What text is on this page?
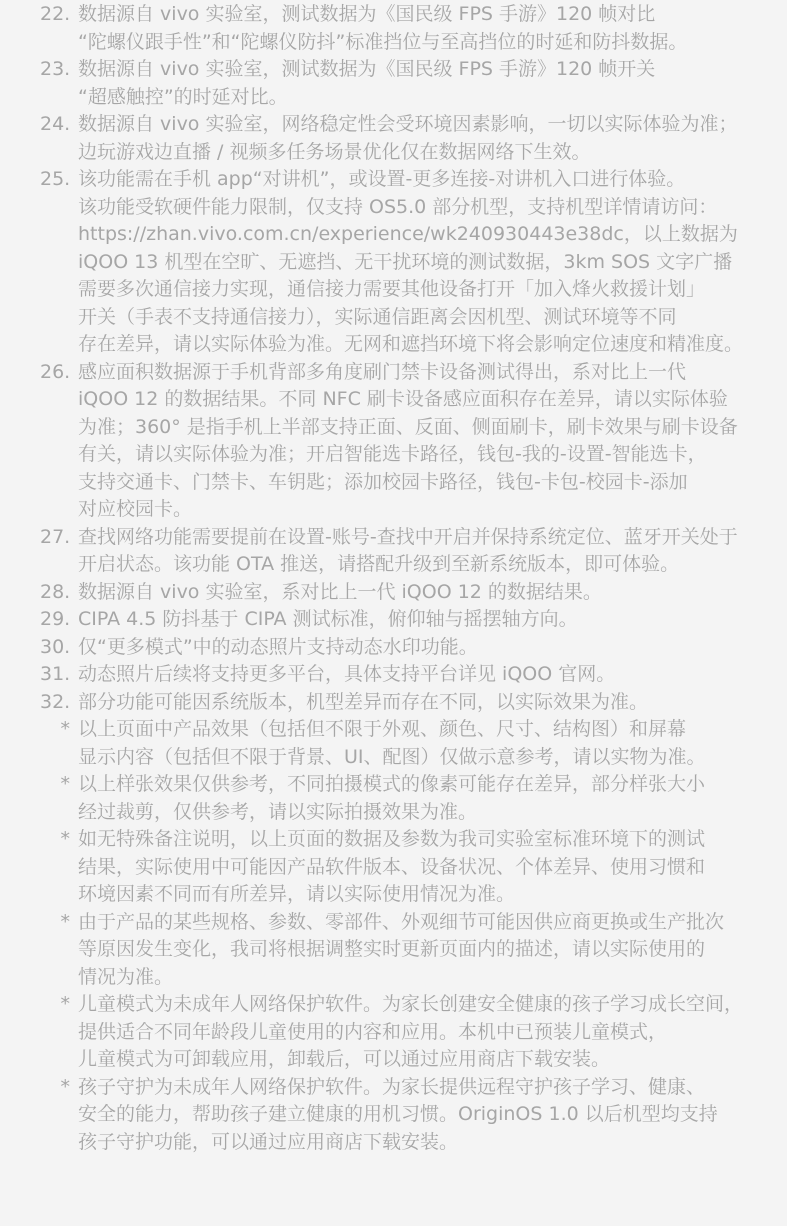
22. 数据源自 vivo 实验室，测试数据为《国民级 FPS 手游》120 帧对比
“陀螺仪跟手性”和“陀螺仪防抖”标准挡位与至高挡位的时延和防抖数据。
23. 数据源自 vivo 实验室，测试数据为《国民级 FPS 手游》120 帧开关
“超感触控”的时延对比。
24. 数据源自 vivo 实验室，网络稳定性会受环境因素影响，一切以实际体验为准；
边玩游戏边直播 / 视频多任务场景优化仅在数据网络下生效。
25. 该功能需在手机 app“对讲机”，或设置-更多连接-对讲机入口进行体验。
该功能受软硬件能力限制，仅支持 OS5.0 部分机型，支持机型详情请访问：
https://zhan.vivo.com.cn/experience/wk240930443e38dc，以上数据为
iQOO 13 机型在空旷、无遮挡、无干扰环境的测试数据，3km SOS 文字广播
需要多次通信接力实现，通信接力需要其他设备打开「加入烽火救援计划」
开关（手表不支持通信接力），实际通信距离会因机型、测试环境等不同
存在差异，请以实际体验为准。无网和遮挡环境下将会影响定位速度和精准度。
26. 感应面积数据源于手机背部多角度刷门禁卡设备测试得出，系对比上一代
iQOO 12 的数据结果。不同 NFC 刷卡设备感应面积存在差异，请以实际体验
为准；360° 是指手机上半部支持正面、反面、侧面刷卡，刷卡效果与刷卡设备
有关，请以实际体验为准；开启智能选卡路径，钱包-我的-设置-智能选卡，
支持交通卡、门禁卡、车钥匙；添加校园卡路径，钱包-卡包-校园卡-添加
对应校园卡。
27. 查找网络功能需要提前在设置-账号-查找中开启并保持系统定位、蓝牙开关处于
开启状态。该功能 OTA 推送，请搭配升级到至新系统版本，即可体验。
28. 数据源自 vivo 实验室，系对比上一代 iQOO 12 的数据结果。
29. CIPA 4.5 防抖基于 CIPA 测试标准，俯仰轴与摇摆轴方向。
30. 仅“更多模式”中的动态照片支持动态水印功能。
31. 动态照片后续将支持更多平台，具体支持平台详见 iQOO 官网。
32. 部分功能可能因系统版本，机型差异而存在不同，以实际效果为准。
* 以上页面中产品效果（包括但不限于外观、颜色、尺寸、结构图）和屏幕
显示内容（包括但不限于背景、UI、配图）仅做示意参考，请以实物为准。
* 以上样张效果仅供参考，不同拍摄模式的像素可能存在差异，部分样张大小
经过裁剪，仅供参考，请以实际拍摄效果为准。
* 如无特殊备注说明，以上页面的数据及参数为我司实验室标准环境下的测试
结果，实际使用中可能因产品软件版本、设备状况、个体差异、使用习惯和
环境因素不同而有所差异，请以实际使用情况为准。
* 由于产品的某些规格、参数、零部件、外观细节可能因供应商更换或生产批次
等原因发生变化，我司将根据调整实时更新页面内的描述，请以实际使用的
情况为准。
* 儿童模式为未成年人网络保护软件。为家长创建安全健康的孩子学习成长空间，
提供适合不同年龄段儿童使用的内容和应用。本机中已预装儿童模式，
儿童模式为可卸载应用，卸载后，可以通过应用商店下载安装。
* 孩子守护为未成年人网络保护软件。为家长提供远程守护孩子学习、健康、
安全的能力，帮助孩子建立健康的用机习惯。OriginOS 1.0 以后机型均支持
孩子守护功能，可以通过应用商店下载安装。
